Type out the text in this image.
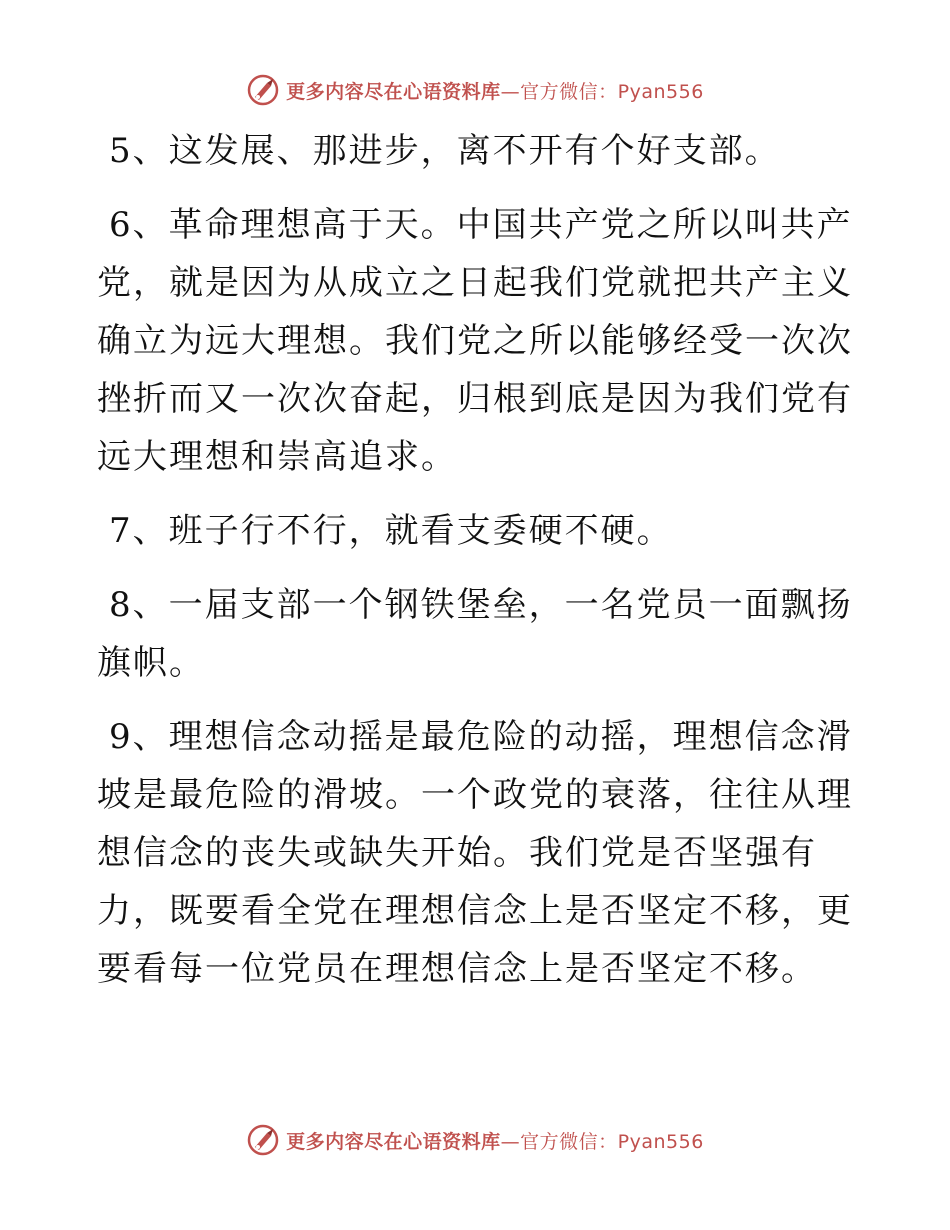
更多内容尽在心语资料库—官方微信：Pyan556

5、这发展、那进步，离不开有个好支部。

6、革命理想高于天。中国共产党之所以叫共产党，就是因为从成立之日起我们党就把共产主义确立为远大理想。我们党之所以能够经受一次次挫折而又一次次奋起，归根到底是因为我们党有远大理想和崇高追求。

7、班子行不行，就看支委硬不硬。

8、一届支部一个钢铁堡垒，一名党员一面飘扬旗帜。

9、理想信念动摇是最危险的动摇，理想信念滑坡是最危险的滑坡。一个政党的衰落，往往从理想信念的丧失或缺失开始。我们党是否坚强有力，既要看全党在理想信念上是否坚定不移，更要看每一位党员在理想信念上是否坚定不移。

更多内容尽在心语资料库—官方微信：Pyan556
